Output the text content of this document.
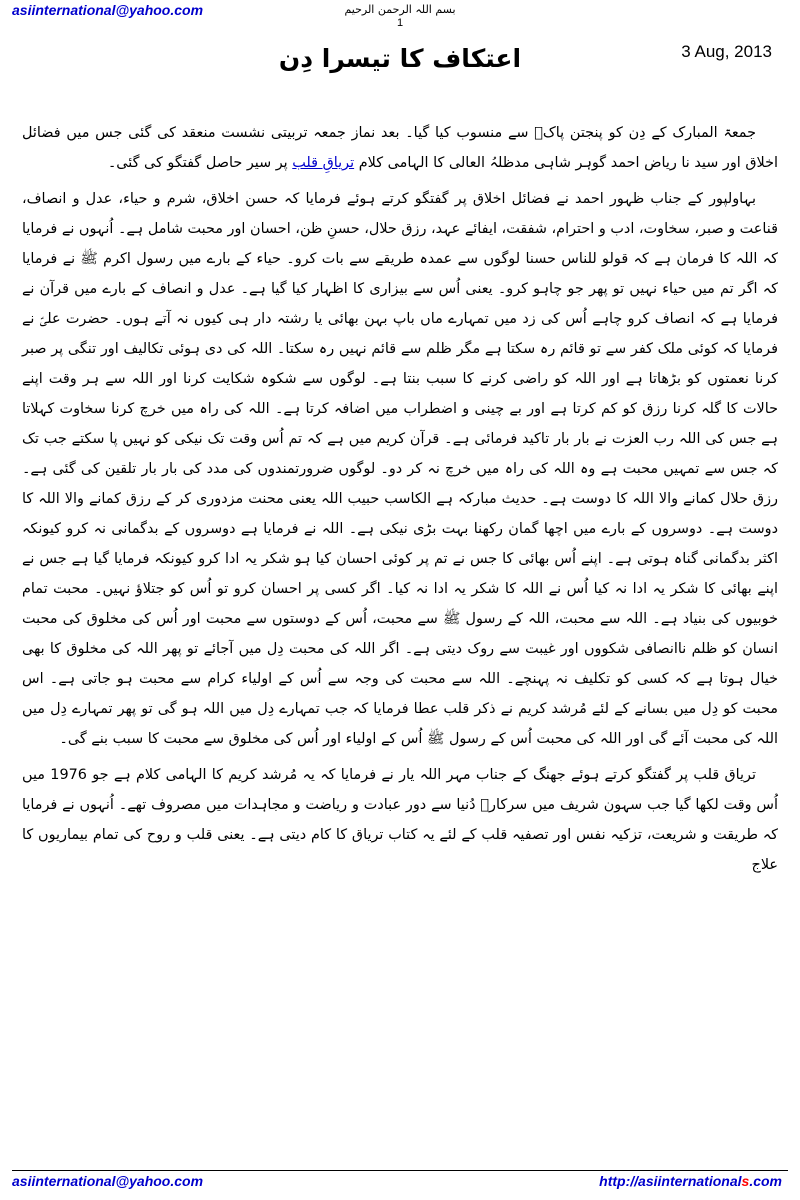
asiinternational@yahoo.com	بسم اللہ الرحمن الرحیم
1
3 Aug, 2013
اعتکاف کا تیسرا دِن

جمعۃ المبارک کے دِن کو پنجتن پاکؑ سے منسوب کیا گیا۔ بعد نماز جمعہ تربیتی نشست منعقد کی گئی جس میں فضائل اخلاق اور سید نا ریاض احمد گوہر شاہی مدظلہُ العالی کا الہامی کلام تریاقِ قلب پر سیر حاصل گفتگو کی گئی۔

بہاولپور کے جناب ظہور احمد نے فضائل اخلاق پر گفتگو کرتے ہوئے فرمایا کہ حسن اخلاق، شرم و حیاء، عدل و انصاف، قناعت و صبر، سخاوت، ادب و احترام، شفقت، ایفائے عہد، رزق حلال، حسنِ ظن، احسان اور محبت شامل ہے۔ اُنہوں نے فرمایا کہ اللہ کا فرمان ہے کہ قولو للناس حسنا لوگوں سے عمدہ طریقے سے بات کرو۔ حیاء کے بارے میں رسول اکرم ﷺ نے فرمایا کہ اگر تم میں حیاء نہیں تو پھر جو چاہو کرو۔ یعنی اُس سے بیزاری کا اظہار کیا گیا ہے۔ عدل و انصاف کے بارے میں قرآن نے فرمایا ہے کہ انصاف کرو چاہے اُس کی زد میں تمہارے ماں باپ بہن بھائی یا رشتہ دار ہی کیوں نہ آتے ہوں۔ حضرت علیؑ نے فرمایا کہ کوئی ملک کفر سے تو قائم رہ سکتا ہے مگر ظلم سے قائم نہیں رہ سکتا۔ اللہ کی دی ہوئی تکالیف اور تنگی پر صبر کرنا نعمتوں کو بڑھاتا ہے اور اللہ کو راضی کرنے کا سبب بنتا ہے۔ لوگوں سے شکوہ شکایت کرنا اور اللہ سے ہر وقت اپنے حالات کا گلہ کرنا رزق کو کم کرتا ہے اور بے چینی و اضطراب میں اضافہ کرتا ہے۔ اللہ کی راہ میں خرچ کرنا سخاوت کہلاتا ہے جس کی اللہ رب العزت نے بار بار تاکید فرمائی ہے۔ قرآن کریم میں ہے کہ تم اُس وقت تک نیکی کو نہیں پا سکتے جب تک کہ جس سے تمہیں محبت ہے وہ اللہ کی راہ میں خرچ نہ کر دو۔ لوگوں ضرورتمندوں کی مدد کی بار بار تلقین کی گئی ہے۔ رزق حلال کمانے والا اللہ کا دوست ہے۔ حدیث مبارکہ ہے الکاسب حبیب اللہ یعنی محنت مزدوری کر کے رزق کمانے والا اللہ کا دوست ہے۔ دوسروں کے بارے میں اچھا گمان رکھنا بہت بڑی نیکی ہے۔ اللہ نے فرمایا ہے دوسروں کے بدگمانی نہ کرو کیونکہ اکثر بدگمانی گناہ ہوتی ہے۔ اپنے اُس بھائی کا جس نے تم پر کوئی احسان کیا ہو شکر یہ ادا کرو کیونکہ فرمایا گیا ہے جس نے اپنے بھائی کا شکر یہ ادا نہ کیا اُس نے اللہ کا شکر یہ ادا نہ کیا۔ اگر کسی پر احسان کرو تو اُس کو جتلاؤ نہیں۔ محبت تمام خوبیوں کی بنیاد ہے۔ اللہ سے محبت، اللہ کے رسول ﷺ سے محبت، اُس کے دوستوں سے محبت اور اُس کی مخلوق کی محبت انسان کو ظلم ناانصافی شکووں اور غیبت سے روک دیتی ہے۔ اگر اللہ کی محبت دِل میں آجائے تو پھر اللہ کی مخلوق کا بھی خیال ہوتا ہے کہ کسی کو تکلیف نہ پہنچے۔ اللہ سے محبت کی وجہ سے اُس کے اولیاء کرام سے محبت ہو جاتی ہے۔ اس محبت کو دِل میں بسانے کے لئے مُرشد کریم نے ذکر قلب عطا فرمایا کہ جب تمہارے دِل میں اللہ ہو گی تو پھر تمہارے دِل میں اللہ کی محبت آئے گی اور اللہ کی محبت اُس کے رسول ﷺ اُس کے اولیاء اور اُس کی مخلوق سے محبت کا سبب بنے گی۔

تریاق قلب پر گفتگو کرتے ہوئے جھنگ کے جناب مہر اللہ یار نے فرمایا کہ یہ مُرشد کریم کا الہامی کلام ہے جو 1976 میں اُس وقت لکھا گیا جب سہون شریف میں سرکارؒ دُنیا سے دور عبادت و ریاضت و مجاہدات میں مصروف تھے۔ اُنہوں نے فرمایا کہ طریقت و شریعت، تزکیہ نفس اور تصفیہ قلب کے لئے یہ کتاب تریاق کا کام دیتی ہے۔ یعنی قلب و روح کی تمام بیماریوں کا علاج

asiinternational@yahoo.com	http://asiinternationals.com
